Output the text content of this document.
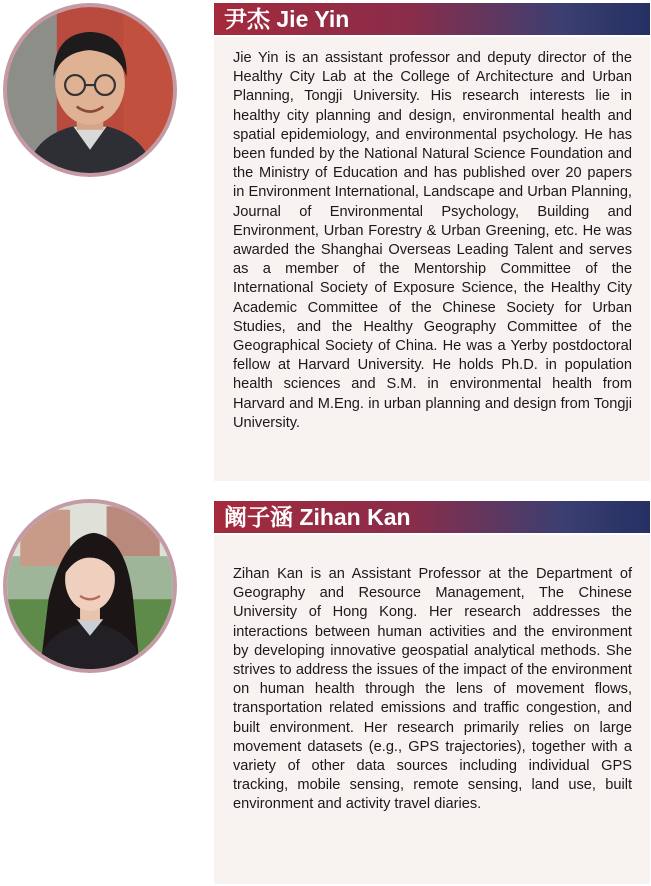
尹杰 Jie Yin

Jie Yin is an assistant professor and deputy director of the Healthy City Lab at the College of Architecture and Urban Planning, Tongji University. His research interests lie in healthy city planning and design, environmental health and spatial epidemiology, and environmental psychology. He has been funded by the National Natural Science Foundation and the Ministry of Education and has published over 20 papers in Environment International, Landscape and Urban Planning, Journal of Environmental Psychology, Building and Environment, Urban Forestry & Urban Greening, etc. He was awarded the Shanghai Overseas Leading Talent and serves as a member of the Mentorship Committee of the International Society of Exposure Science, the Healthy City Academic Committee of the Chinese Society for Urban Studies, and the Healthy Geography Committee of the Geographical Society of China. He was a Yerby postdoctoral fellow at Harvard University. He holds Ph.D. in population health sciences and S.M. in environmental health from Harvard and M.Eng. in urban planning and design from Tongji University.

阚子涵 Zihan Kan

Zihan Kan is an Assistant Professor at the Department of Geography and Resource Management, The Chinese University of Hong Kong. Her research addresses the interactions between human activities and the environment by developing innovative geospatial analytical methods. She strives to address the issues of the impact of the environment on human health through the lens of movement flows, transportation related emissions and traffic congestion, and built environment. Her research primarily relies on large movement datasets (e.g., GPS trajectories), together with a variety of other data sources including individual GPS tracking, mobile sensing, remote sensing, land use, built environment and activity travel diaries.
